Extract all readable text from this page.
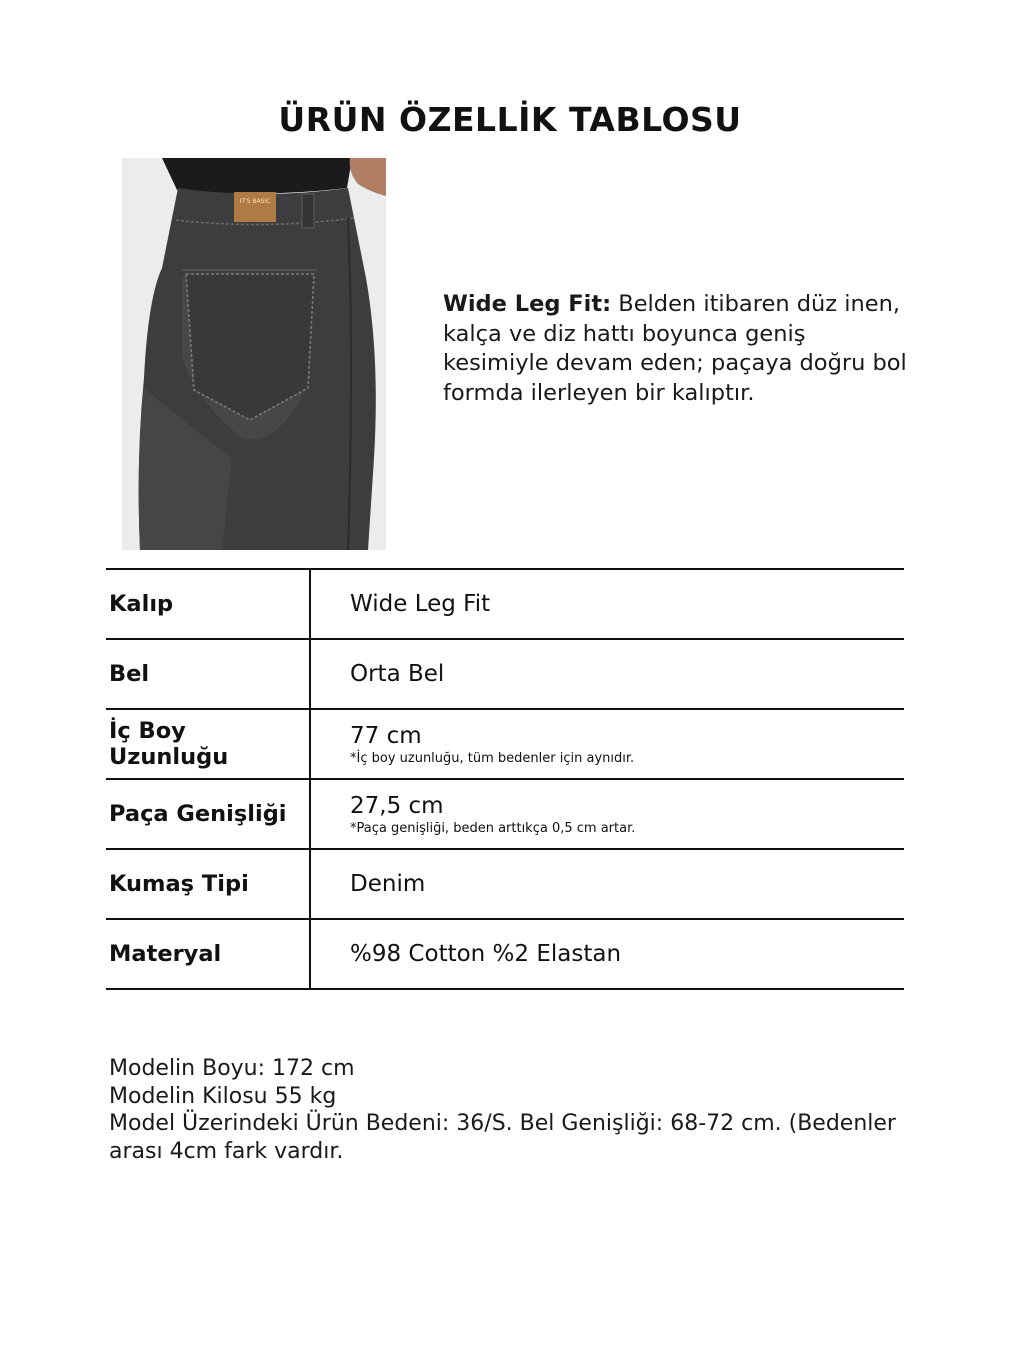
ÜRÜN ÖZELLİK TABLOSU
IT'S BASIC
Wide Leg Fit: Belden itibaren düz inen, kalça ve diz hattı boyunca geniş kesimiyle devam eden; paçaya doğru bol formda ilerleyen bir kalıptır.
Kalıp	Wide Leg Fit

Bel	Orta Bel

İç Boy Uzunluğu	77 cm
*İç boy uzunluğu, tüm bedenler için aynıdır.

Paça Genişliği	27,5 cm
*Paça genişliği, beden arttıkça 0,5 cm artar.

Kumaş Tipi	Denim

Materyal	%98 Cotton %2 Elastan
Modelin Boyu: 172 cm
Modelin Kilosu 55 kg
Model Üzerindeki Ürün Bedeni: 36/S. Bel Genişliği: 68-72 cm. (Bedenler arası 4cm fark vardır.
